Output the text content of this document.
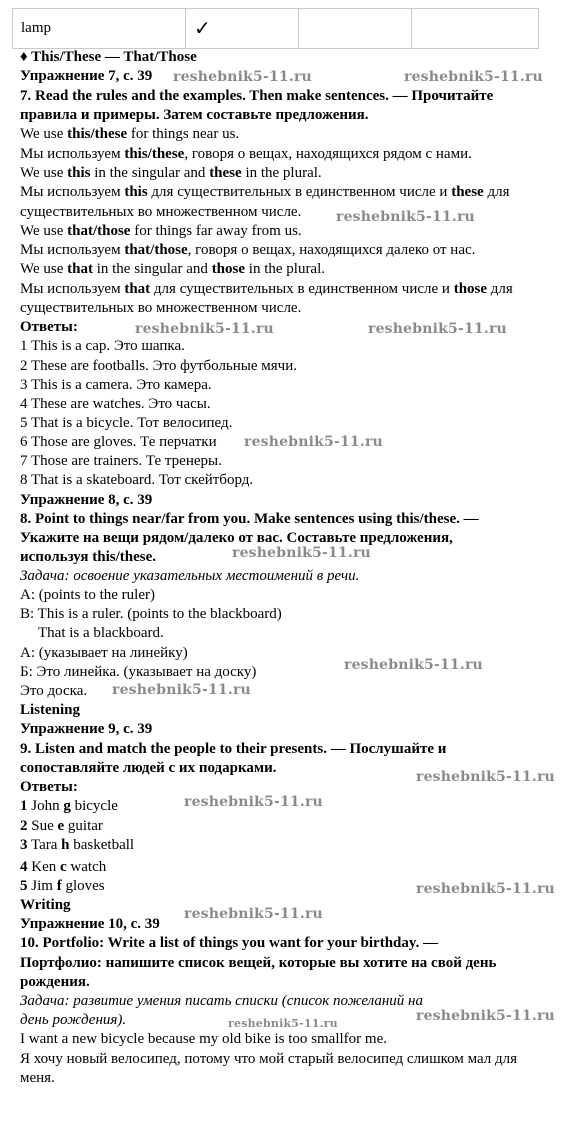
lamp	✓		
♦ This/These — That/Those
Упражнение 7, с. 39
7. Read the rules and the examples. Then make sentences. — Прочитайте
правила и примеры. Затем составьте предложения.
We use this/these for things near us.
Мы используем this/these, говоря о вещах, находящихся рядом с нами.
We use this in the singular and these in the plural.
Мы используем this для существительных в единственном числе и these для
существительных во множественном числе.
We use that/those for things far away from us.
Мы используем that/those, говоря о вещах, находящихся далеко от нас.
We use that in the singular and those in the plural.
Мы используем that для существительных в единственном числе и those для
существительных во множественном числе.
Ответы:
1 This is a cap. Это шапка.
2 These are footballs. Это футбольные мячи.
3 This is a camera. Это камера.
4 These are watches. Это часы.
5 That is a bicycle. Тот велосипед.
6 Those are gloves. Те перчатки
7 Those are trainers. Те тренеры.
8 That is a skateboard. Тот скейтборд.
Упражнение 8, с. 39
8. Point to things near/far from you. Make sentences using this/these. —
Укажите на вещи рядом/далеко от вас. Составьте предложения,
используя this/these.
Задача: освоение указательных местоимений в речи.
А: (points to the ruler)
B: This is a ruler. (points to the blackboard)
That is a blackboard.
А: (указывает на линейку)
Б: Это линейка. (указывает на доску)
Это доска.
Listening
Упражнение 9, с. 39
9. Listen and match the people to their presents. — Послушайте и
сопоставляйте людей с их подарками.
Ответы:
1 John g bicycle
2 Sue e guitar
3 Tara h basketball
4 Ken c watch
5 Jim f gloves
Writing
Упражнение 10, с. 39
10. Portfolio: Write a list of things you want for your birthday. —
Портфолио: напишите список вещей, которые вы хотите на свой день
рождения.
Задача: развитие умения писать списки (список пожеланий на
день рождения).
I want a new bicycle because my old bike is too smallfor me.
Я хочу новый велосипед, потому что мой старый велосипед слишком мал для
меня.
reshebnik5-11.ru	reshebnik5-11.ru
reshebnik5-11.ru
reshebnik5-11.ru	reshebnik5-11.ru
reshebnik5-11.ru
reshebnik5-11.ru
reshebnik5-11.ru
reshebnik5-11.ru
reshebnik5-11.ru
reshebnik5-11.ru
reshebnik5-11.ru
reshebnik5-11.ru
reshebnik5-11.ru
reshebnik5-11.ru
